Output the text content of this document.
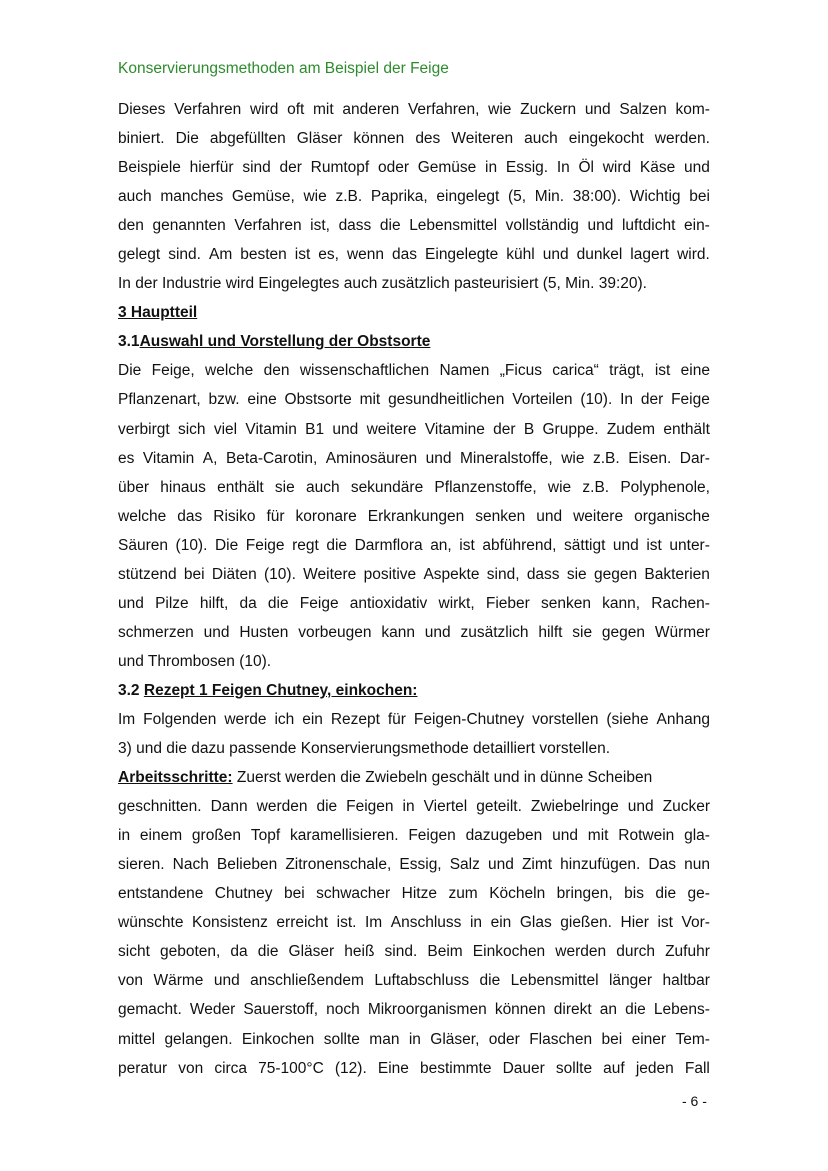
Konservierungsmethoden am Beispiel der Feige
Dieses Verfahren wird oft mit anderen Verfahren, wie Zuckern und Salzen kom-
biniert. Die abgefüllten Gläser können des Weiteren auch eingekocht werden.
Beispiele hierfür sind der Rumtopf oder Gemüse in Essig. In Öl wird Käse und
auch manches Gemüse, wie z.B. Paprika, eingelegt (5, Min. 38:00). Wichtig bei
den genannten Verfahren ist, dass die Lebensmittel vollständig und luftdicht ein-
gelegt sind. Am besten ist es, wenn das Eingelegte kühl und dunkel lagert wird.
In der Industrie wird Eingelegtes auch zusätzlich pasteurisiert (5, Min. 39:20).
3 Hauptteil
3.1Auswahl und Vorstellung der Obstsorte
Die Feige, welche den wissenschaftlichen Namen „Ficus carica“ trägt, ist eine
Pflanzenart, bzw. eine Obstsorte mit gesundheitlichen Vorteilen (10). In der Feige
verbirgt sich viel Vitamin B1 und weitere Vitamine der B Gruppe. Zudem enthält
es Vitamin A, Beta-Carotin, Aminosäuren und Mineralstoffe, wie z.B. Eisen. Dar-
über hinaus enthält sie auch sekundäre Pflanzenstoffe, wie z.B. Polyphenole,
welche das Risiko für koronare Erkrankungen senken und weitere organische
Säuren (10). Die Feige regt die Darmflora an, ist abführend, sättigt und ist unter-
stützend bei Diäten (10). Weitere positive Aspekte sind, dass sie gegen Bakterien
und Pilze hilft, da die Feige antioxidativ wirkt, Fieber senken kann, Rachen-
schmerzen und Husten vorbeugen kann und zusätzlich hilft sie gegen Würmer
und Thrombosen (10).
3.2 Rezept 1 Feigen Chutney, einkochen:
Im Folgenden werde ich ein Rezept für Feigen-Chutney vorstellen (siehe Anhang
3) und die dazu passende Konservierungsmethode detailliert vorstellen.
Arbeitsschritte: Zuerst werden die Zwiebeln geschält und in dünne Scheiben
geschnitten. Dann werden die Feigen in Viertel geteilt. Zwiebelringe und Zucker
in einem großen Topf karamellisieren. Feigen dazugeben und mit Rotwein gla-
sieren. Nach Belieben Zitronenschale, Essig, Salz und Zimt hinzufügen. Das nun
entstandene Chutney bei schwacher Hitze zum Köcheln bringen, bis die ge-
wünschte Konsistenz erreicht ist. Im Anschluss in ein Glas gießen. Hier ist Vor-
sicht geboten, da die Gläser heiß sind. Beim Einkochen werden durch Zufuhr
von Wärme und anschließendem Luftabschluss die Lebensmittel länger haltbar
gemacht. Weder Sauerstoff, noch Mikroorganismen können direkt an die Lebens-
mittel gelangen. Einkochen sollte man in Gläser, oder Flaschen bei einer Tem-
peratur von circa 75-100°C (12). Eine bestimmte Dauer sollte auf jeden Fall
- 6 -
